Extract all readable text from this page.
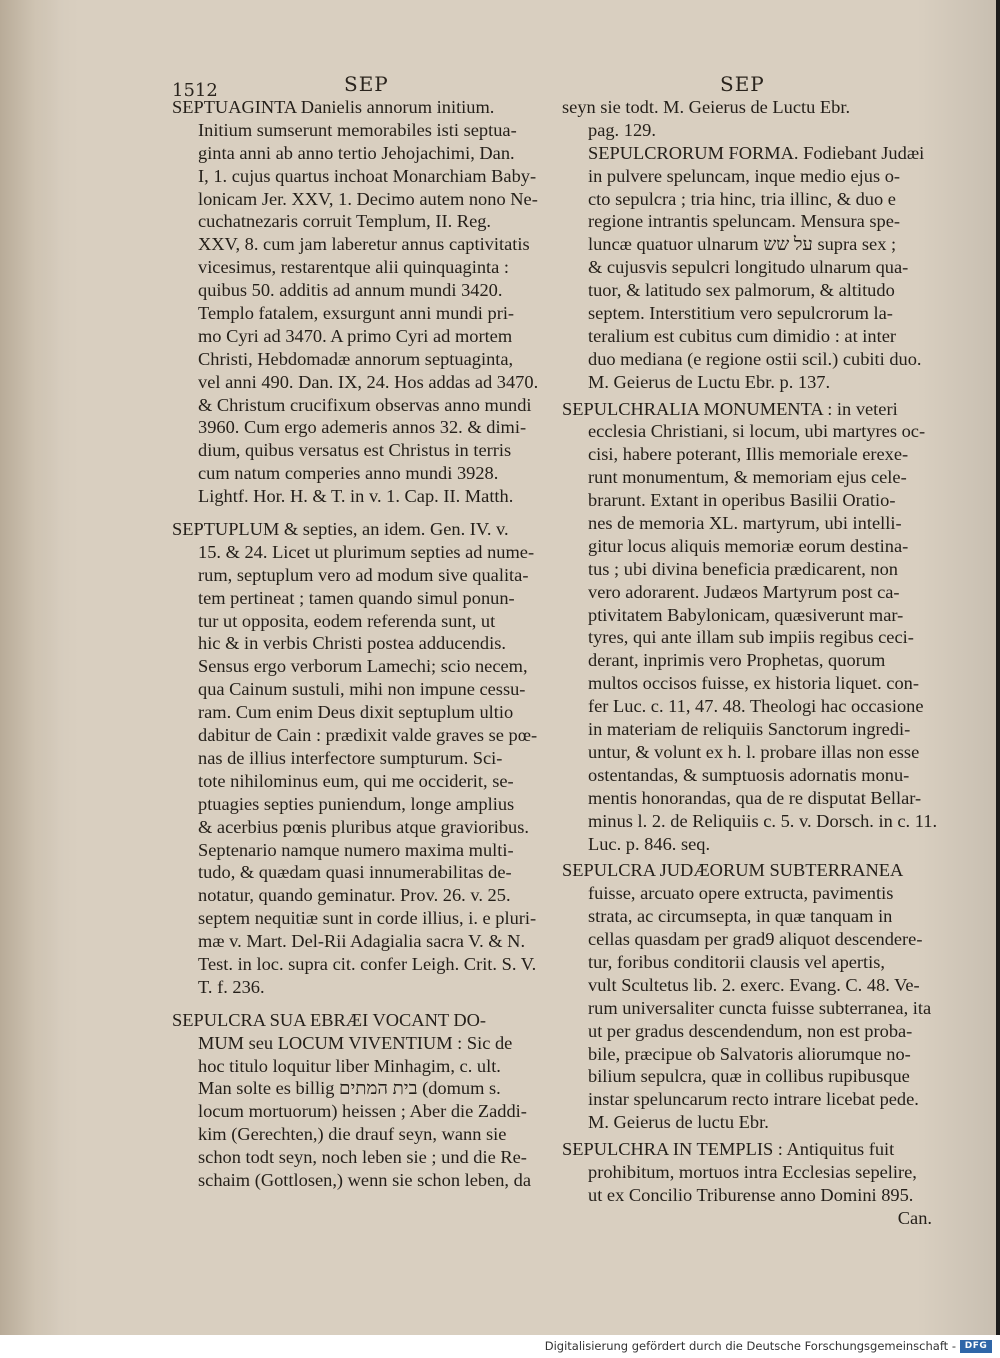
1512	SEP	SEP
SEPTUAGINTA Danielis annorum initium.
Initium sumserunt memorabiles isti septua-
ginta anni ab anno tertio Jehojachimi, Dan.
I, 1. cujus quartus inchoat Monarchiam Baby-
lonicam Jer. XXV, 1. Decimo autem nono Ne-
cuchatnezaris corruit Templum, II. Reg.
XXV, 8. cum jam laberetur annus captivitatis
vicesimus, restarentque alii quinquaginta :
quibus 50. additis ad annum mundi 3420.
Templo fatalem, exsurgunt anni mundi pri-
mo Cyri ad 3470. A primo Cyri ad mortem
Christi, Hebdomadæ annorum septuaginta,
vel anni 490. Dan. IX, 24. Hos addas ad 3470.
& Christum crucifixum observas anno mundi
3960. Cum ergo ademeris annos 32. & dimi-
dium, quibus versatus est Christus in terris
cum natum comperies anno mundi 3928.
Lightf. Hor. H. & T. in v. 1. Cap. II. Matth.
SEPTUPLUM & septies, an idem. Gen. IV. v.
15. & 24. Licet ut plurimum septies ad nume-
rum, septuplum vero ad modum sive qualita-
tem pertineat ; tamen quando simul ponun-
tur ut opposita, eodem referenda sunt, ut
hic & in verbis Christi postea adducendis.
Sensus ergo verborum Lamechi; scio necem,
qua Cainum sustuli, mihi non impune cessu-
ram. Cum enim Deus dixit septuplum ultio
dabitur de Cain : prædixit valde graves se pœ-
nas de illius interfectore sumpturum. Sci-
tote nihilominus eum, qui me occiderit, se-
ptuagies septies puniendum, longe amplius
& acerbius pœnis pluribus atque gravioribus.
Septenario namque numero maxima multi-
tudo, & quædam quasi innumerabilitas de-
notatur, quando geminatur. Prov. 26. v. 25.
septem nequitiæ sunt in corde illius, i. e pluri-
mæ v. Mart. Del-Rii Adagialia sacra V. & N.
Test. in loc. supra cit. confer Leigh. Crit. S. V.
T. f. 236.
SEPULCRA SUA EBRÆI VOCANT DO-
MUM seu LOCUM VIVENTIUM : Sic de
hoc titulo loquitur liber Minhagim, c. ult.
Man solte es billig בית המתים (domum s.
locum mortuorum) heissen ; Aber die Zaddi-
kim (Gerechten,) die drauf seyn, wann sie
schon todt seyn, noch leben sie ; und die Re-
schaim (Gottlosen,) wenn sie schon leben, da
seyn sie todt. M. Geierus de Luctu Ebr.
pag. 129.
SEPULCRORUM FORMA. Fodiebant Judæi
in pulvere speluncam, inque medio ejus o-
cto sepulcra ; tria hinc, tria illinc, & duo e
regione intrantis speluncam. Mensura spe-
luncæ quatuor ulnarum על שש supra sex ;
& cujusvis sepulcri longitudo ulnarum qua-
tuor, & latitudo sex palmorum, & altitudo
septem. Interstitium vero sepulcrorum la-
teralium est cubitus cum dimidio : at inter
duo mediana (e regione ostii scil.) cubiti duo.
M. Geierus de Luctu Ebr. p. 137.
SEPULCHRALIA MONUMENTA : in veteri
ecclesia Christiani, si locum, ubi martyres oc-
cisi, habere poterant, Illis memoriale erexe-
runt monumentum, & memoriam ejus cele-
brarunt. Extant in operibus Basilii Oratio-
nes de memoria XL. martyrum, ubi intelli-
gitur locus aliquis memoriæ eorum destina-
tus ; ubi divina beneficia prædicarent, non
vero adorarent. Judæos Martyrum post ca-
ptivitatem Babylonicam, quæsiverunt mar-
tyres, qui ante illam sub impiis regibus ceci-
derant, inprimis vero Prophetas, quorum
multos occisos fuisse, ex historia liquet. con-
fer Luc. c. 11, 47. 48. Theologi hac occasione
in materiam de reliquiis Sanctorum ingredi-
untur, & volunt ex h. l. probare illas non esse
ostentandas, & sumptuosis adornatis monu-
mentis honorandas, qua de re disputat Bellar-
minus l. 2. de Reliquiis c. 5. v. Dorsch. in c. 11.
Luc. p. 846. seq.
SEPULCRA JUDÆORUM SUBTERRANEA
fuisse, arcuato opere extructa, pavimentis
strata, ac circumsepta, in quæ tanquam in
cellas quasdam per grad9 aliquot descendere-
tur, foribus conditorii clausis vel apertis,
vult Scultetus lib. 2. exerc. Evang. C. 48. Ve-
rum universaliter cuncta fuisse subterranea, ita
ut per gradus descendendum, non est proba-
bile, præcipue ob Salvatoris aliorumque no-
bilium sepulcra, quæ in collibus rupibusque
instar speluncarum recto intrare licebat pede.
M. Geierus de luctu Ebr.
SEPULCHRA IN TEMPLIS : Antiquitus fuit
prohibitum, mortuos intra Ecclesias sepelire,
ut ex Concilio Triburense anno Domini 895.
Can.
Digitalisierung gefördert durch die Deutsche Forschungsgemeinschaft - DFG
